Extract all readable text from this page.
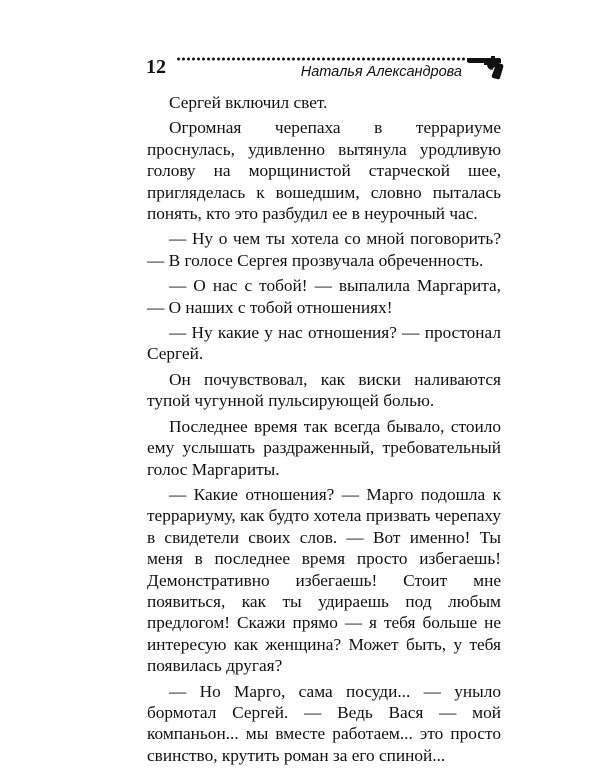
12	Наталья Александрова

Сергей включил свет.

Огромная черепаха в террариуме проснулась, удивленно вытянула уродливую голову на морщинистой старческой шее, пригляделась к вошедшим, словно пыталась понять, кто это разбудил ее в неурочный час.

— Ну о чем ты хотела со мной поговорить? — В голосе Сергея прозвучала обреченность.

— О нас с тобой! — выпалила Маргарита, — О наших с тобой отношениях!

— Ну какие у нас отношения? — простонал Сергей.

Он почувствовал, как виски наливаются тупой чугунной пульсирующей болью.

Последнее время так всегда бывало, стоило ему услышать раздраженный, требовательный голос Маргариты.

— Какие отношения? — Марго подошла к террариуму, как будто хотела призвать черепаху в свидетели своих слов. — Вот именно! Ты меня в последнее время просто избегаешь! Демонстративно избегаешь! Стоит мне появиться, как ты удираешь под любым предлогом! Скажи прямо — я тебя больше не интересую как женщина? Может быть, у тебя появилась другая?

— Но Марго, сама посуди... — уныло бормотал Сергей. — Ведь Вася — мой компаньон... мы вместе работаем... это просто свинство, крутить роман за его спиной...
